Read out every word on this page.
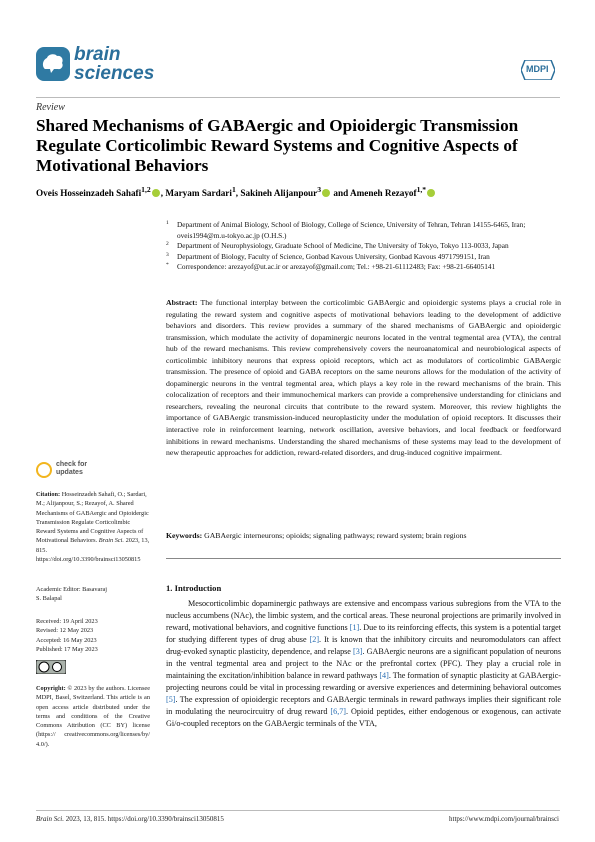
brain
sciences	MDPI
Review
Shared Mechanisms of GABAergic and Opioidergic Transmission Regulate Corticolimbic Reward Systems and Cognitive Aspects of Motivational Behaviors
Oveis Hosseinzadeh Sahafi$^{1,2}$ , Maryam Sardari$^1$, Sakineh Alijanpour$^3$ and Ameneh Rezayof$^{1,*}$
1 Department of Animal Biology, School of Biology, College of Science, University of Tehran, Tehran 14155-6465, Iran; oveis1994@m.u-tokyo.ac.jp (O.H.S.)
2 Department of Neurophysiology, Graduate School of Medicine, The University of Tokyo, Tokyo 113-0033, Japan
3 Department of Biology, Faculty of Science, Gonbad Kavous University, Gonbad Kavous 4971799151, Iran
* Correspondence: arezayof@ut.ac.ir or arezayof@gmail.com; Tel.: +98-21-61112483; Fax: +98-21-66405141
Abstract: The functional interplay between the corticolimbic GABAergic and opioidergic systems plays a crucial role in regulating the reward system and cognitive aspects of motivational behaviors leading to the development of addictive behaviors and disorders. This review provides a summary of the shared mechanisms of GABAergic and opioidergic transmission, which modulate the activity of dopaminergic neurons located in the ventral tegmental area (VTA), the central hub of the reward mechanisms. This review comprehensively covers the neuroanatomical and neurobiological aspects of corticolimbic inhibitory neurons that express opioid receptors, which act as modulators of corticolimbic GABAergic transmission. The presence of opioid and GABA receptors on the same neurons allows for the modulation of the activity of dopaminergic neurons in the ventral tegmental area, which plays a key role in the reward mechanisms of the brain. This colocalization of receptors and their immunochemical markers can provide a comprehensive understanding for clinicians and researchers, revealing the neuronal circuits that contribute to the reward system. Moreover, this review highlights the importance of GABAergic transmission-induced neuroplasticity under the modulation of opioid receptors. It discusses their interactive role in reinforcement learning, network oscillation, aversive behaviors, and local feedback or feedforward inhibitions in reward mechanisms. Understanding the shared mechanisms of these systems may lead to the development of new therapeutic approaches for addiction, reward-related disorders, and drug-induced cognitive impairment.
Keywords: GABAergic interneurons; opioids; signaling pathways; reward system; brain regions
1. Introduction
Mesocorticolimbic dopaminergic pathways are extensive and encompass various subregions from the VTA to the nucleus accumbens (NAc), the limbic system, and the cortical areas. These neuronal projections are primarily involved in reward, motivational behaviors, and cognitive functions [1]. Due to its reinforcing effects, this system is a potential target for studying different types of drug abuse [2]. It is known that the inhibitory circuits and neuromodulators can affect drug-evoked synaptic plasticity, dependence, and relapse [3]. GABAergic neurons are a significant population of neurons in the ventral tegmental area and project to the NAc or the prefrontal cortex (PFC). They play a crucial role in maintaining the excitation/inhibition balance in reward pathways [4]. The formation of synaptic plasticity at GABAergic-projecting neurons could be vital in processing rewarding or aversive experiences and determining behavioral outcomes [5]. The expression of opioidergic receptors and GABAergic terminals in reward pathways implies their significant role in modulating the neurocircuitry of drug reward [6,7]. Opioid peptides, either endogenous or exogenous, can activate Gi/o-coupled receptors on the GABAergic terminals of the VTA,
check for
updates
Citation: Hosseinzadeh Sahafi, O.; Sardari, M.; Alijanpour, S.; Rezayof, A. Shared Mechanisms of GABAergic and Opioidergic Transmission Regulate Corticolimbic Reward Systems and Cognitive Aspects of Motivational Behaviors. Brain Sci. 2023, 13, 815. https://doi.org/10.3390/brainsci13050815
Academic Editor: Basavaraj
S. Balapal
Received: 19 April 2023
Revised: 12 May 2023
Accepted: 16 May 2023
Published: 17 May 2023
Copyright: © 2023 by the authors. Licensee MDPI, Basel, Switzerland. This article is an open access article distributed under the terms and conditions of the Creative Commons Attribution (CC BY) license (https:// creativecommons.org/licenses/by/ 4.0/).
Brain Sci. 2023, 13, 815. https://doi.org/10.3390/brainsci13050815	https://www.mdpi.com/journal/brainsci
